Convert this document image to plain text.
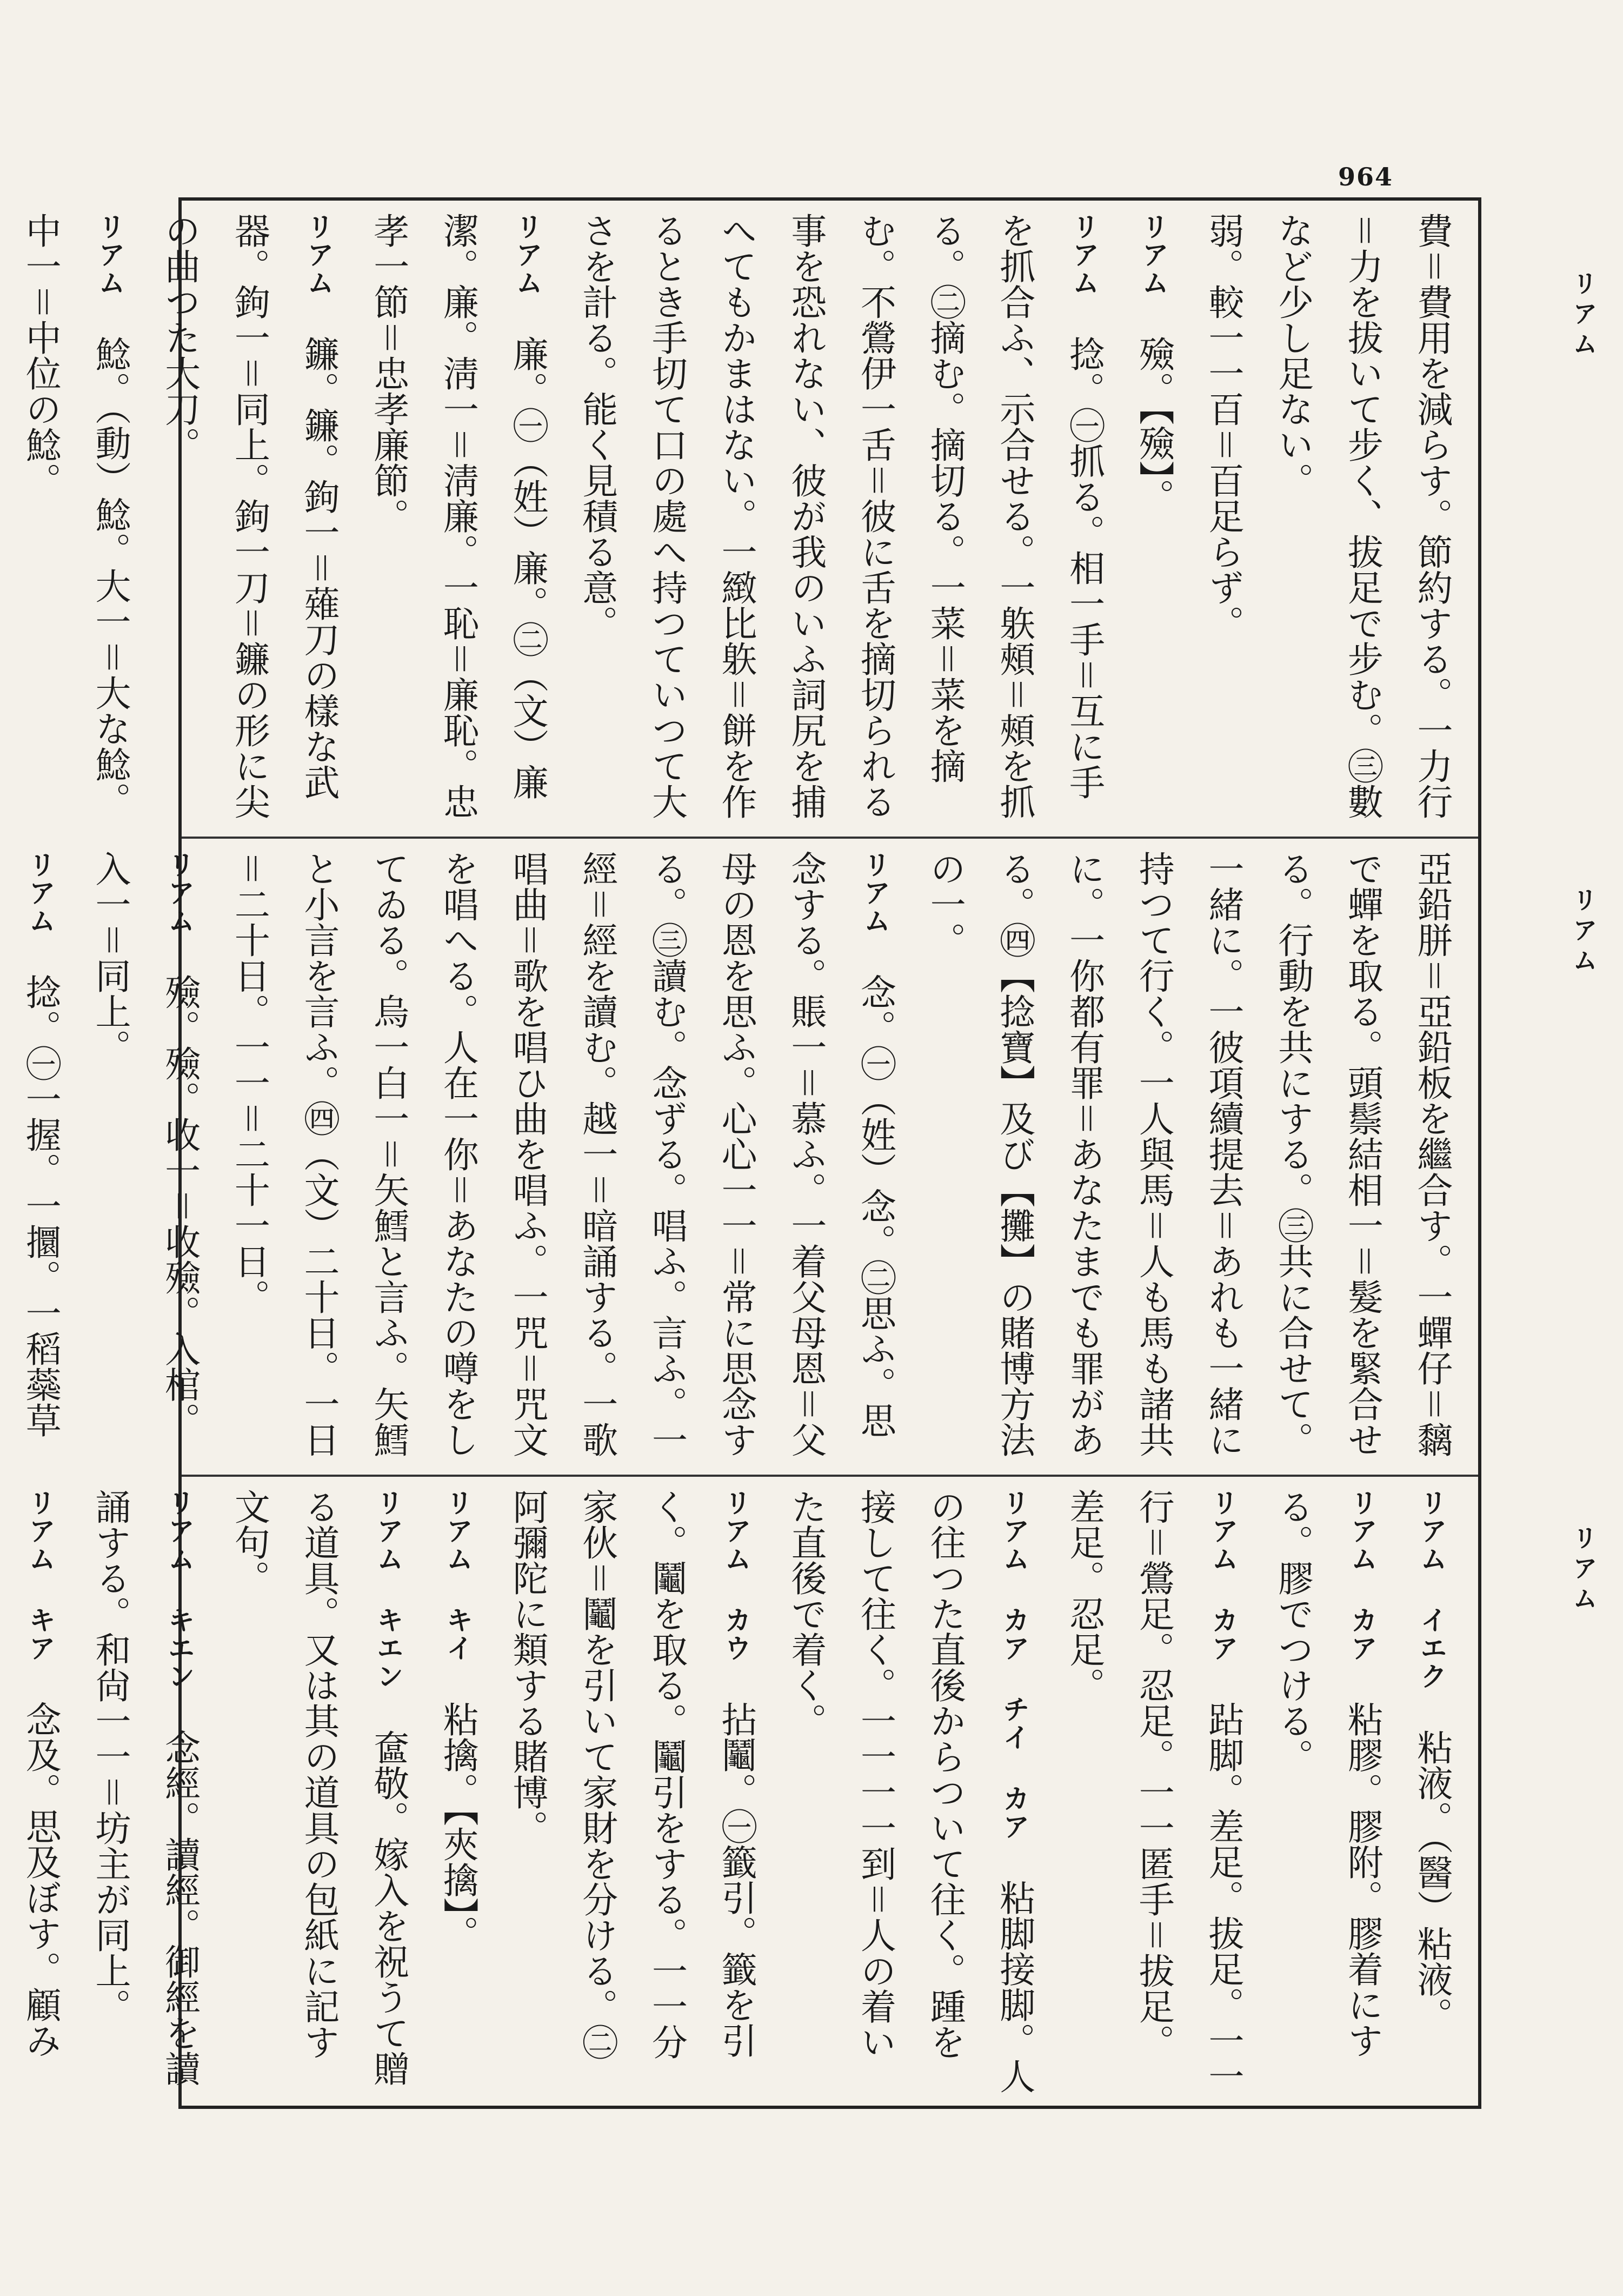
964
リアム
リアム
リアム

費＝費用を減らす。節約する。一力行＝力を拔いて步く、拔足で步む。㊂數など少し足ない。

弱。較一一百＝百足らず。

リアム　殮。【殮】。

リアム　捻。㊀抓る。相一手＝互に手を抓合ふ、示合せる。一䠶頰＝頰を抓る。㊁摘む。摘切る。一菜＝菜を摘む。不鶯伊一舌＝彼に舌を摘切られる事を恐れない、彼が我のいふ詞尻を捕へてもかまはない。一緻比䠶＝餅を作るとき手切て口の處へ持つていつて大さを計る。能く見積る意。

リアム　廉。㊀（姓）廉。㊁（文）廉潔。廉。淸一＝淸廉。一恥＝廉恥。忠孝一節＝忠孝廉節。

リアム　鐮。鐮。鉤一＝薙刀の樣な武器。鉤一＝同上。鉤一刀＝鐮の形に尖の曲つた大刀。

リアム　鯰。（動）鯰。大一＝大な鯰。中一＝中位の鯰。

亞鉛胼＝亞鉛板を繼合す。一蟬仔＝黐で蟬を取る。頭鬃結相一＝髮を緊合せる。行動を共にする。㊂共に合せて。一緒に。一彼項續提去＝あれも一緒に持つて行く。一人與馬＝人も馬も諸共に。一你都有罪＝あなたまでも罪がある。㊃【捻寶】及び【攤】の賭博方法の一。

リアム　念。㊀（姓）念。㊁思ふ。思念する。賬一＝慕ふ。一着父母恩＝父母の恩を思ふ。心心一一＝常に思念する。㊂讀む。念ずる。唱ふ。言ふ。一經＝經を讀む。越一＝暗誦する。一歌唱曲＝歌を唱ひ曲を唱ふ。一咒＝咒文を唱へる。人在一你＝あなたの噂をしてゐる。烏一白一＝矢鱈と言ふ。矢鱈と小言を言ふ。㊃（文）二十日。一日＝二十日。一一＝二十一日。

リアム　殮。殮。收一＝收殮。入棺。入一＝同上。

リアム　捻。㊀一握。一攌。一稻蘂草

リアム イエク　粘液。（醫）粘液。

リアム カア　粘膠。膠附。膠着にする。膠でつける。

リアム カア　跕脚。差足。拔足。一一行＝鶯足。忍足。一一匿手＝拔足。差足。忍足。

リアム カア チイ カア　粘脚接脚。人の往つた直後からついて往く。踵を接して往く。一一一一到＝人の着いた直後で着く。

リアム カウ　拈鬮。㊀籤引。籤を引く。鬮を取る。鬮引をする。一一分家伙＝鬮を引いて家財を分ける。㊁阿彌陀に類する賭博。

リアム キイ　粘擒。【夾擒】。

リアム キエン　奩敬。嫁入を祝うて贈る道具。又は其の道具の包紙に記す文句。

リアム キエン　念經。讀經。御經を讀誦する。和尙一一＝坊主が同上。

リアム キア　念及。思及ぼす。顧み
